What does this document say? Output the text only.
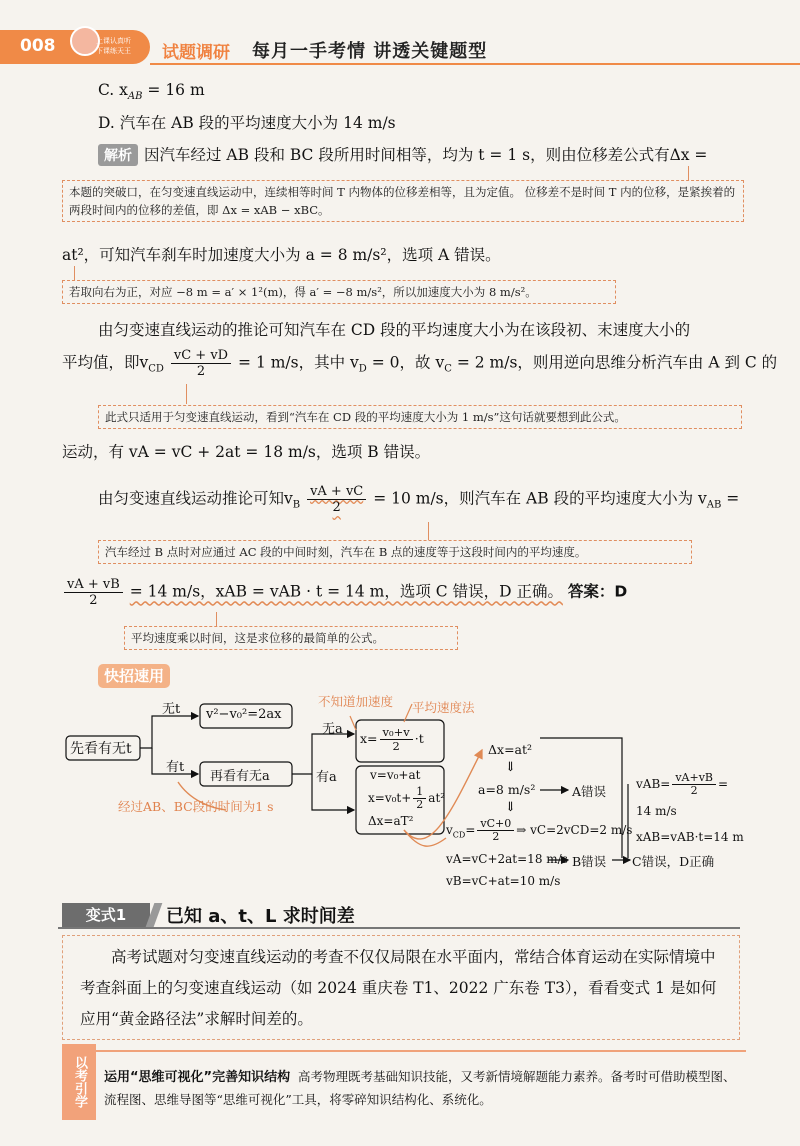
008	上课认真听
下课练天王 试题调研 每月一手考情 讲透关键题型
C. $x_{AB} = 16$ m
D. 汽车在 AB 段的平均速度大小为 14 m/s
解析 因汽车经过 AB 段和 BC 段所用时间相等，均为 t = 1 s，则由位移差公式有Δx =
本题的突破口，在匀变速直线运动中，连续相等时间 T 内物体的位移差相等，且为定值。 位移差不是时间 T 内的位移，是紧挨着的两段时间内的位移的差值，即 Δx = xAB − xBC。
at²，可知汽车刹车时加速度大小为 a = 8 m/s²，选项 A 错误。
若取向右为正，对应 −8 m = a′ × 1²(m)，得 a′ = −8 m/s²，所以加速度大小为 8 m/s²。
由匀变速直线运动的推论可知汽车在 CD 段的平均速度大小为在该段初、末速度大小的
平均值，即$v_{CD} \frac{vC + vD}{2} = 1$ m/s，其中 $v_D = 0$，故 $v_C = 2$ m/s，则用逆向思维分析汽车由 A 到 C 的
此式只适用于匀变速直线运动，看到“汽车在 CD 段的平均速度大小为 1 m/s”这句话就要想到此公式。
运动，有 vA = vC + 2at = 18 m/s，选项 B 错误。
由匀变速直线运动推论可知$v_B \frac{vA + vC}{2} = 10$ m/s，则汽车在 AB 段的平均速度大小为 $v_{AB}$ =
汽车经过 B 点时对应通过 AC 段的中间时刻，汽车在 B 点的速度等于这段时间内的平均速度。
$\frac{vA + vB}{2} = 14$ m/s，xAB = vAB · t = 14 m，选项 C 错误，D 正确。 答案：D
平均速度乘以时间，这是求位移的最简单的公式。
快招速用
先看有无t
无t
有t
v²−v₀²=2ax
再看有无a
无a
有a
不知道加速度 平均速度法
$x= \frac{\text{v₀+v}}{2} \cdot t$
v=v₀+at
$x=v_0t+ \frac{1}{2} at^2$
Δx=aT²
经过AB、BC段的时间为1 s
Δx=at²
⇓
a=8 m/s²	A错误
⇓
$v_{CD}= \frac{vC+0}{2}$ ⇒ vC=2vCD=2 m/s
vA=vC+2at=18 m/s B错误
vB=vC+at=10 m/s
$vAB= \frac{vA+vB}{2}$ =
14 m/s
xAB=vAB·t=14 m
C错误，D正确
变式1	已知 a、t、L 求时间差
高考试题对匀变速直线运动的考查不仅仅局限在水平面内，常结合体育运动在实际情境中考查斜面上的匀变速直线运动（如 2024 重庆卷 T1、2022 广东卷 T3），看看变式 1 是如何应用“黄金路径法”求解时间差的。
以考引学	运用“思维可视化”完善知识结构 高考物理既考基础知识技能，又考新情境解题能力素养。备考时可借助模型图、流程图、思维导图等“思维可视化”工具，将零碎知识结构化、系统化。
